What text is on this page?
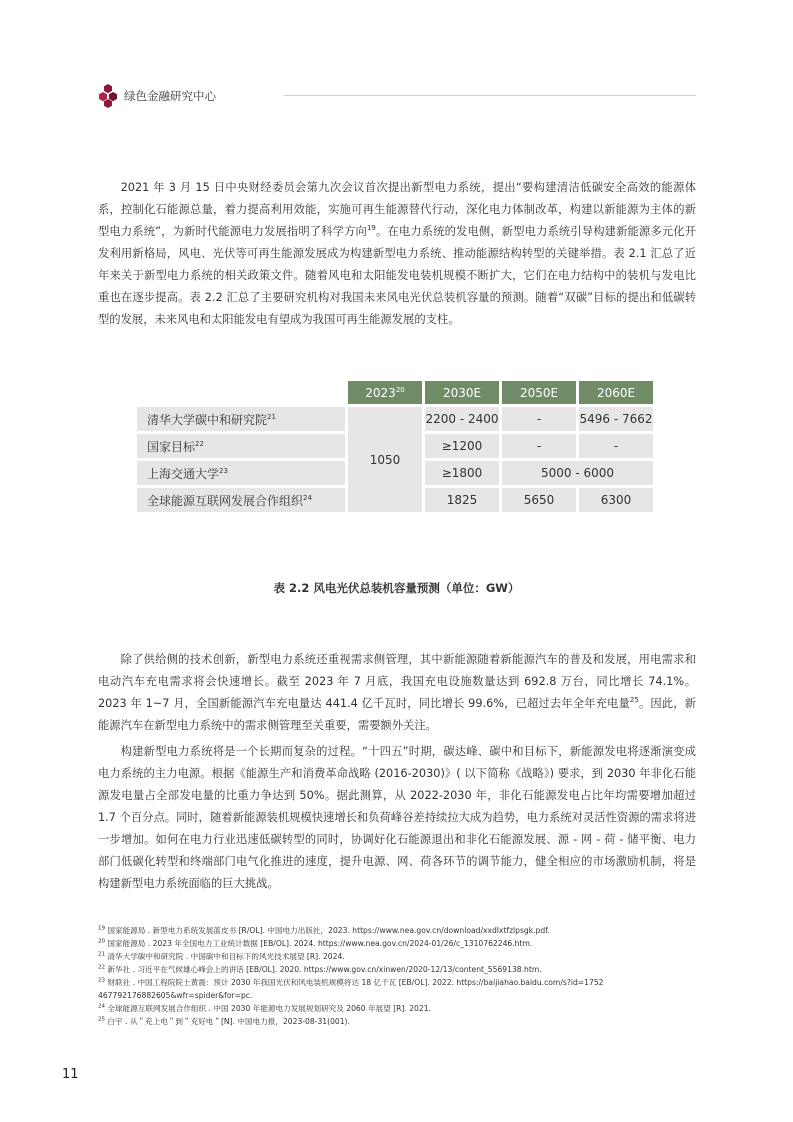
绿色金融研究中心

2021 年 3 月 15 日中央财经委员会第九次会议首次提出新型电力系统，提出“要构建清洁低碳安全高效的能源体系，控制化石能源总量，着力提高利用效能，实施可再生能源替代行动，深化电力体制改革，构建以新能源为主体的新型电力系统”，为新时代能源电力发展指明了科学方向$^{19}$。在电力系统的发电侧，新型电力系统引导构建新能源多元化开发利用新格局，风电、光伏等可再生能源发展成为构建新型电力系统、推动能源结构转型的关键举措。表 2.1 汇总了近年来关于新型电力系统的相关政策文件。随着风电和太阳能发电装机规模不断扩大，它们在电力结构中的装机与发电比重也在逐步提高。表 2.2 汇总了主要研究机构对我国未来风电光伏总装机容量的预测。随着“双碳”目标的提出和低碳转型的发展，未来风电和太阳能发电有望成为我国可再生能源发展的支柱。

	2023$^{20}$	2030E	2050E	2060E
清华大学碳中和研究院$^{21}$	1050	2200 - 2400	-	5496 - 7662
国家目标$^{22}$		≥1200	-	-
上海交通大学$^{23}$		≥1800	5000 - 6000	
全球能源互联网发展合作组织$^{24}$		1825	5650	6300
表 2.2 风电光伏总装机容量预测（单位：GW）

除了供给侧的技术创新，新型电力系统还重视需求侧管理，其中新能源随着新能源汽车的普及和发展，用电需求和电动汽车充电需求将会快速增长。截至 2023 年 7 月底，我国充电设施数量达到 692.8 万台，同比增长 74.1%。2023 年 1~7 月，全国新能源汽车充电量达 441.4 亿千瓦时，同比增长 99.6%，已超过去年全年充电量$^{25}$。因此，新能源汽车在新型电力系统中的需求侧管理至关重要，需要额外关注。

构建新型电力系统将是一个长期而复杂的过程。“十四五”时期，碳达峰、碳中和目标下，新能源发电将逐渐演变成电力系统的主力电源。根据《能源生产和消费革命战略 (2016-2030)》( 以下简称《战略》) 要求，到 2030 年非化石能源发电量占全部发电量的比重力争达到 50%。据此测算，从 2022-2030 年，非化石能源发电占比年均需要增加超过 1.7 个百分点。同时，随着新能源装机规模快速增长和负荷峰谷差持续拉大成为趋势，电力系统对灵活性资源的需求将进一步增加。如何在电力行业迅速低碳转型的同时，协调好化石能源退出和非化石能源发展、源 - 网 - 荷 - 储平衡、电力部门低碳化转型和终端部门电气化推进的速度，提升电源、网、荷各环节的调节能力，健全相应的市场激励机制，将是构建新型电力系统面临的巨大挑战。

$^{19}$ 国家能源局 . 新型电力系统发展蓝皮书 [R/OL]. 中国电力出版社，2023. https://www.nea.gov.cn/download/xxdlxtfzlpsgk.pdf.
$^{20}$ 国家能源局 . 2023 年全国电力工业统计数据 [EB/OL]. 2024. https://www.nea.gov.cn/2024-01/26/c_1310762246.htm.
$^{21}$ 清华大学碳中和研究院 . 中国碳中和目标下的风光技术展望 [R]. 2024.
$^{22}$ 新华社 . 习近平在气候雄心峰会上的讲话 [EB/OL]. 2020. https://www.gov.cn/xinwen/2020-12/13/content_5569138.htm.
$^{23}$ 财联社 . 中国工程院院士黄震：预计 2030 年我国光伏和风电装机规模将达 18 亿千瓦 [EB/OL]. 2022. https://baijiahao.baidu.com/s?id=1752
467792176882605&wfr=spider&for=pc.
$^{24}$ 全球能源互联网发展合作组织 . 中国 2030 年能源电力发展规划研究及 2060 年展望 [R]. 2021.
$^{25}$ 白宇 . 从＂充上电＂到＂充好电＂[N]. 中国电力报，2023-08-31(001).
11
